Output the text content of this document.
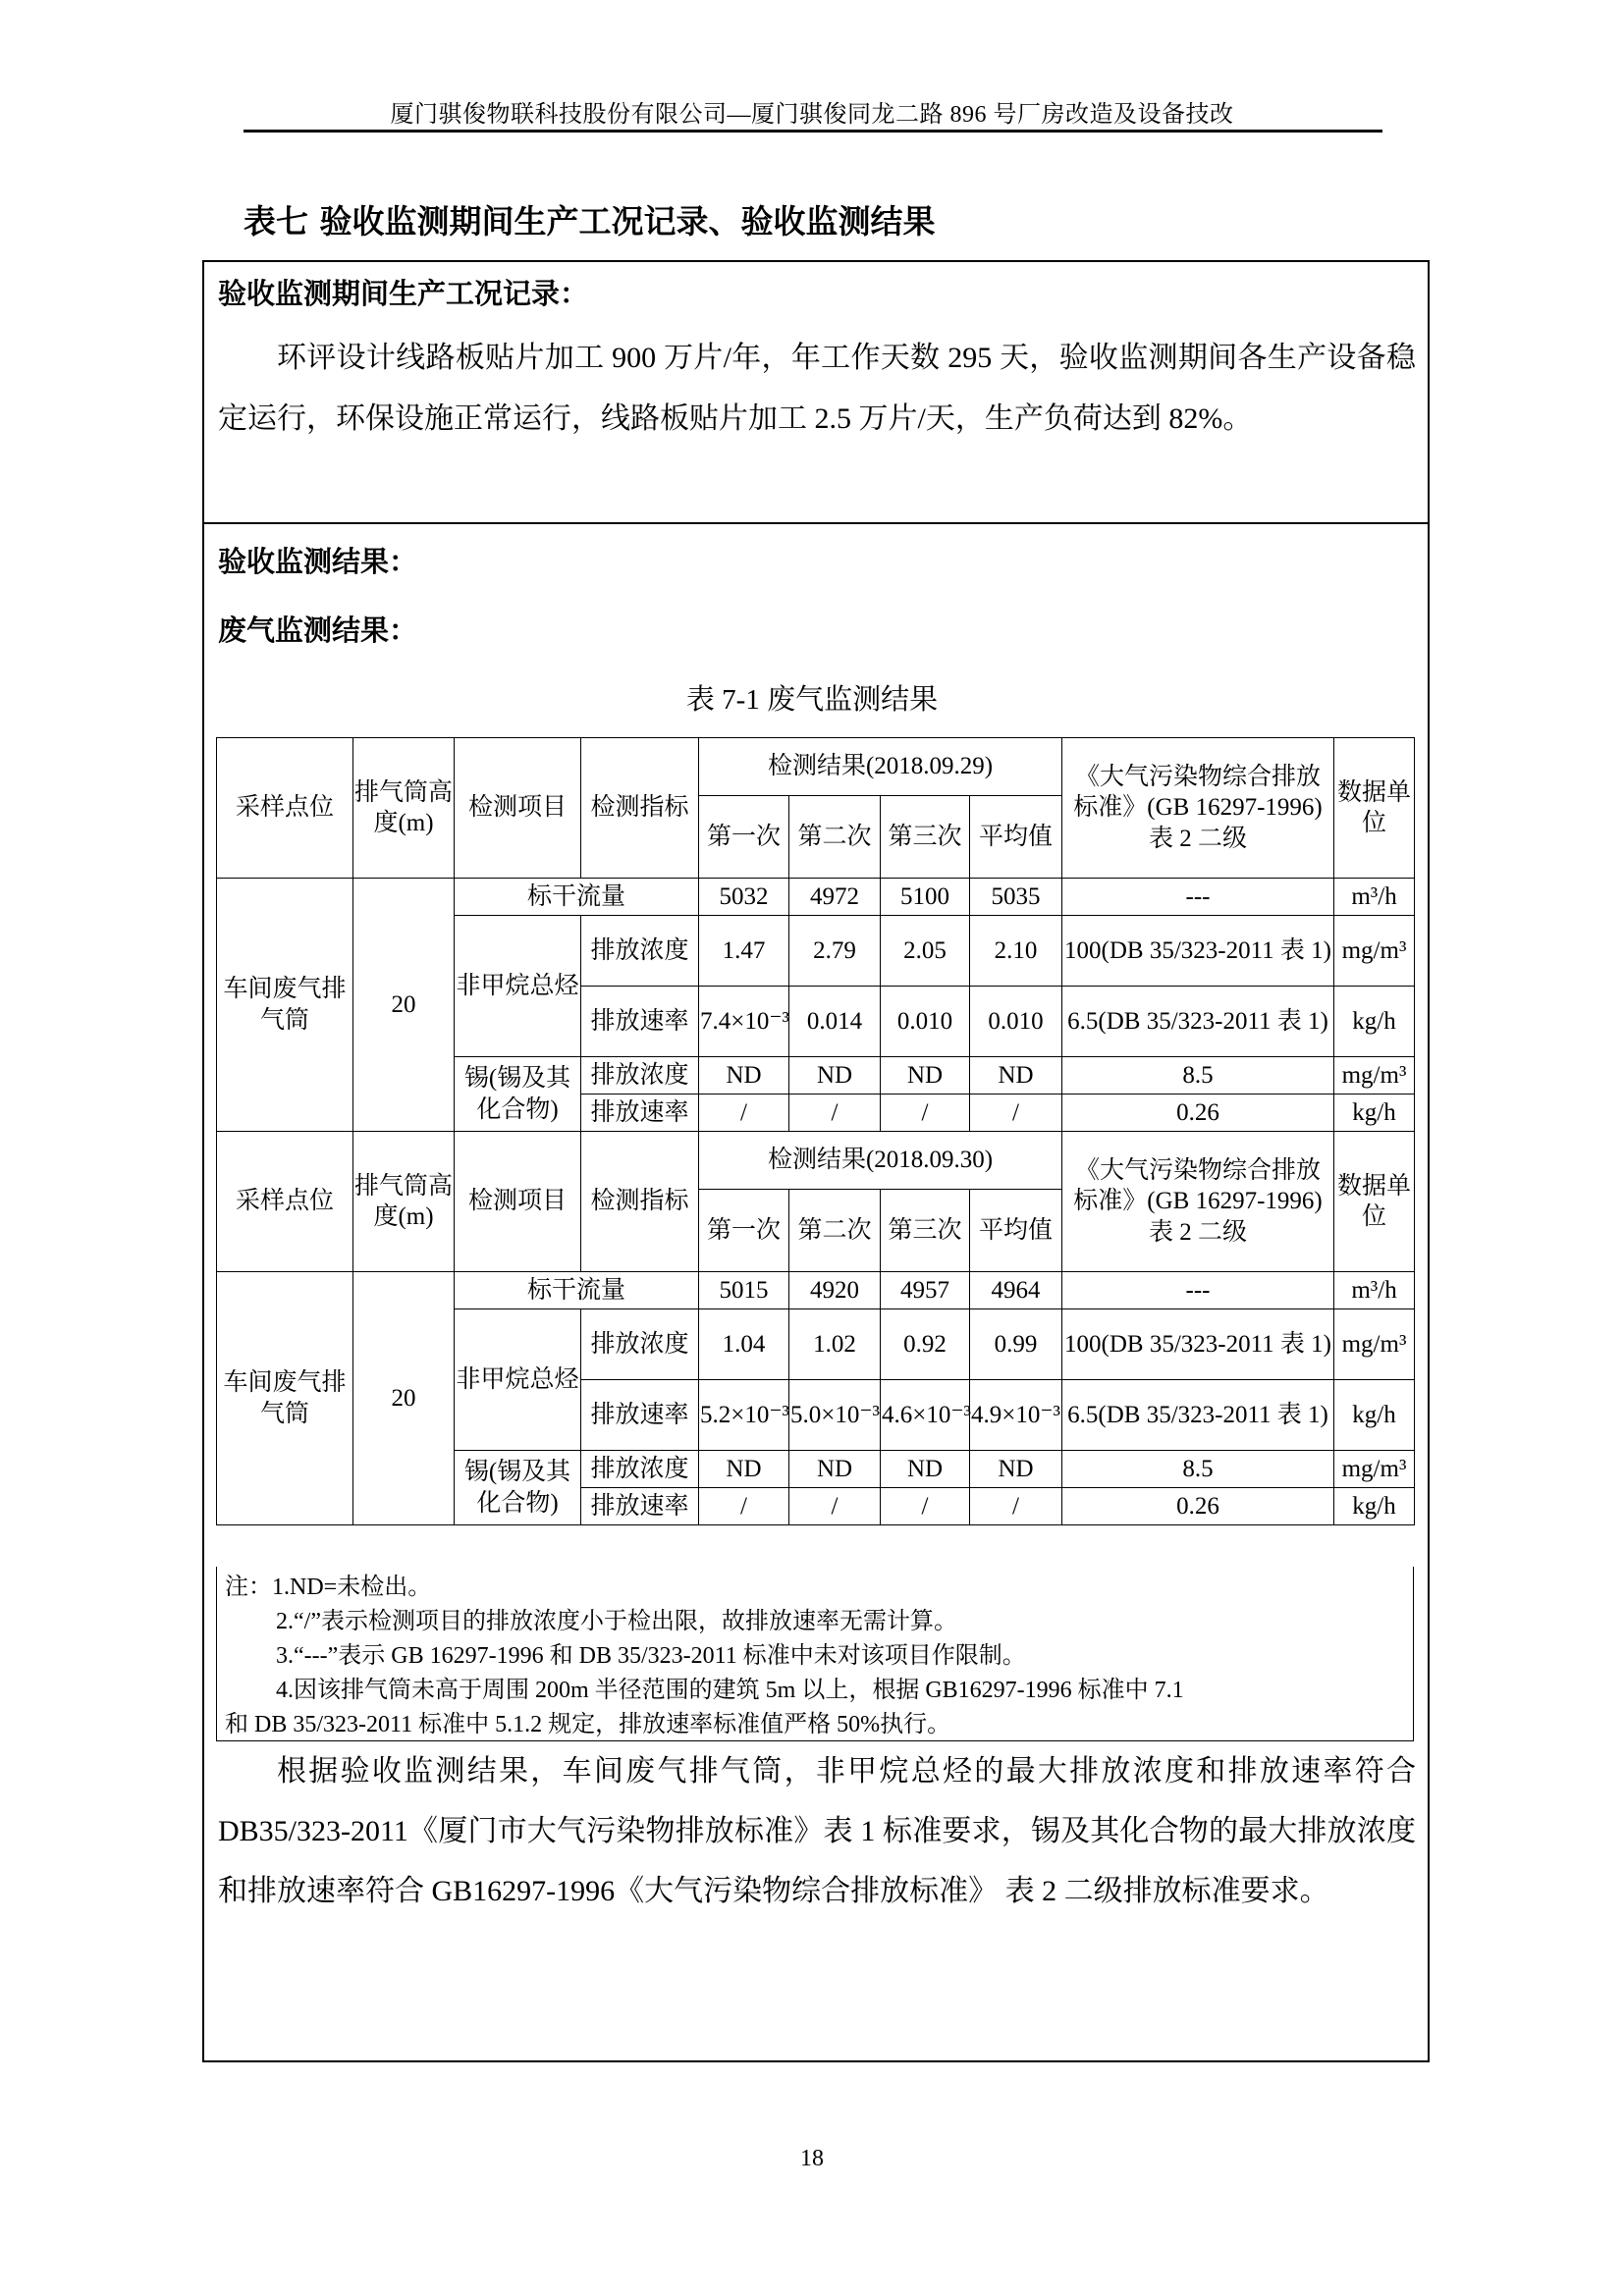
厦门骐俊物联科技股份有限公司—厦门骐俊同龙二路 896 号厂房改造及设备技改
表七 验收监测期间生产工况记录、验收监测结果
验收监测期间生产工况记录：
环评设计线路板贴片加工 900 万片/年，年工作天数 295 天，验收监测期间各生产设备稳定运行，环保设施正常运行，线路板贴片加工 2.5 万片/天，生产负荷达到 82%。
验收监测结果：
废气监测结果：
表 7-1 废气监测结果
采样点位	排气筒高度(m)	检测项目	检测指标	检测结果(2018.09.29)				《大气污染物综合排放标准》(GB 16297-1996) 表 2 二级	数据单位
				第一次	第二次	第三次	平均值		
车间废气排气筒	20	标干流量		5032	4972	5100	5035	---	m³/h
		非甲烷总烃	排放浓度	1.47	2.79	2.05	2.10	100(DB 35/323-2011 表 1)	mg/m³
			排放速率	7.4×10⁻³	0.014	0.010	0.010	6.5(DB 35/323-2011 表 1)	kg/h
		锡(锡及其化合物)	排放浓度	ND	ND	ND	ND	8.5	mg/m³
			排放速率	/	/	/	/	0.26	kg/h
采样点位	排气筒高度(m)	检测项目	检测指标	检测结果(2018.09.30)				《大气污染物综合排放标准》(GB 16297-1996) 表 2 二级	数据单位
				第一次	第二次	第三次	平均值		
车间废气排气筒	20	标干流量		5015	4920	4957	4964	---	m³/h
		非甲烷总烃	排放浓度	1.04	1.02	0.92	0.99	100(DB 35/323-2011 表 1)	mg/m³
			排放速率	5.2×10⁻³	5.0×10⁻³	4.6×10⁻³	4.9×10⁻³	6.5(DB 35/323-2011 表 1)	kg/h
		锡(锡及其化合物)	排放浓度	ND	ND	ND	ND	8.5	mg/m³
			排放速率	/	/	/	/	0.26	kg/h
注：1.ND=未检出。
2.“/”表示检测项目的排放浓度小于检出限，故排放速率无需计算。
3.“---”表示 GB 16297-1996 和 DB 35/323-2011 标准中未对该项目作限制。
4.因该排气筒未高于周围 200m 半径范围的建筑 5m 以上，根据 GB16297-1996 标准中 7.1
和 DB 35/323-2011 标准中 5.1.2 规定，排放速率标准值严格 50%执行。
根据验收监测结果，车间废气排气筒，非甲烷总烃的最大排放浓度和排放速率符合 DB35/323-2011《厦门市大气污染物排放标准》表 1 标准要求，锡及其化合物的最大排放浓度和排放速率符合 GB16297-1996《大气污染物综合排放标准》 表 2 二级排放标准要求。
18
